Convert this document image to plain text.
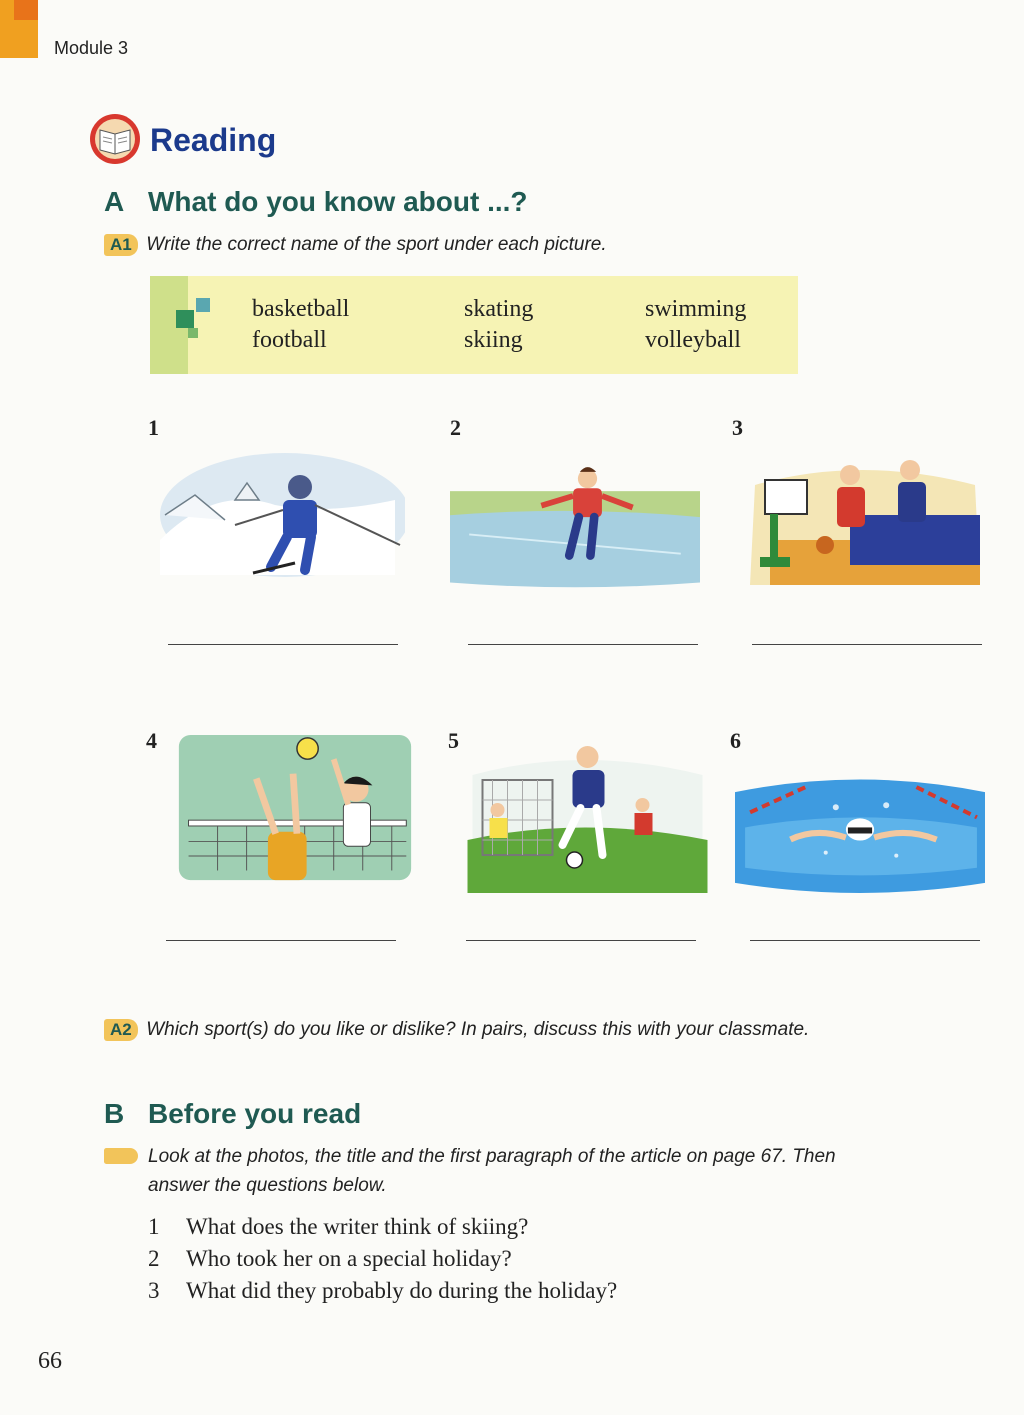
Module 3
Reading
A What do you know about ...?
A1 Write the correct name of the sport under each picture.
basketball
football
skating
skiing
swimming
volleyball
1	2	3
4	5	6
A2 Which sport(s) do you like or dislike? In pairs, discuss this with your classmate.
B Before you read
Look at the photos, the title and the first paragraph of the article on page 67. Then
answer the questions below.
1 What does the writer think of skiing?
2 Who took her on a special holiday?
3 What did they probably do during the holiday?
66
